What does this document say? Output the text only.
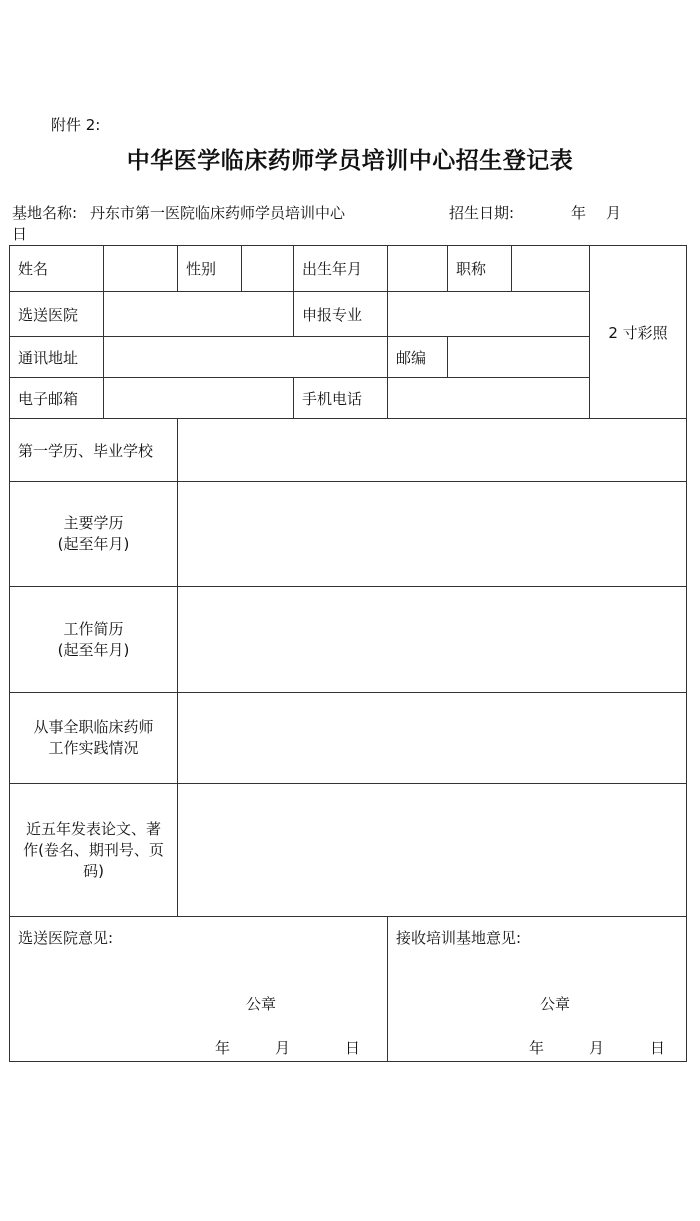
附件 2:
中华医学临床药师学员培训中心招生登记表
基地名称: 丹东市第一医院临床药师学员培训中心	招生日期:	年 月
日
姓名	性别	出生年月	职称
2 寸彩照
选送医院	申报专业
通讯地址	邮编
电子邮箱	手机电话
第一学历、毕业学校
主要学历
(起至年月)
工作简历
(起至年月)
从事全职临床药师
工作实践情况
近五年发表论文、著
作(卷名、期刊号、页
码)
选送医院意见:
公章
年	月	日
接收培训基地意见:
公章
年	月	日
